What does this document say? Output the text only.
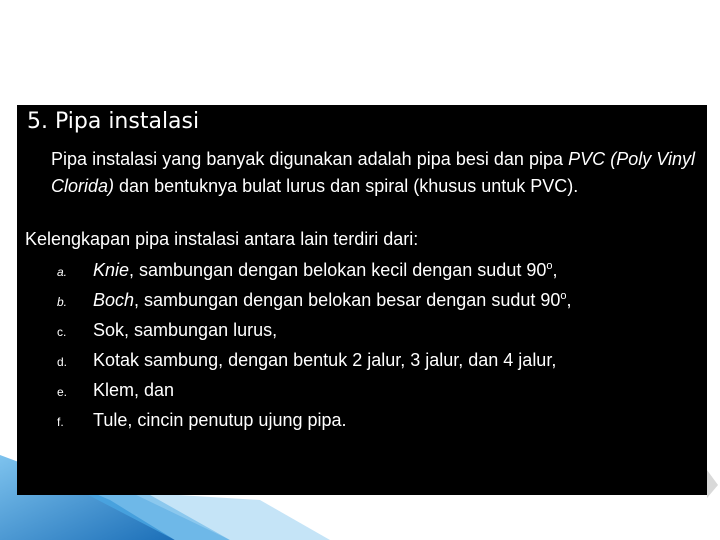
5. Pipa instalasi
Pipa instalasi yang banyak digunakan adalah pipa besi dan pipa PVC (Poly Vinyl Clorida) dan bentuknya bulat lurus dan spiral (khusus untuk PVC).
Kelengkapan pipa instalasi antara lain terdiri dari:
a. Knie, sambungan dengan belokan kecil dengan sudut 90$^o$,
b. Boch, sambungan dengan belokan besar dengan sudut 90$^o$,
c. Sok, sambungan lurus,
d. Kotak sambung, dengan bentuk 2 jalur, 3 jalur, dan 4 jalur,
e. Klem, dan
f. Tule, cincin penutup ujung pipa.
47 Teknologi dan Rekayasa
